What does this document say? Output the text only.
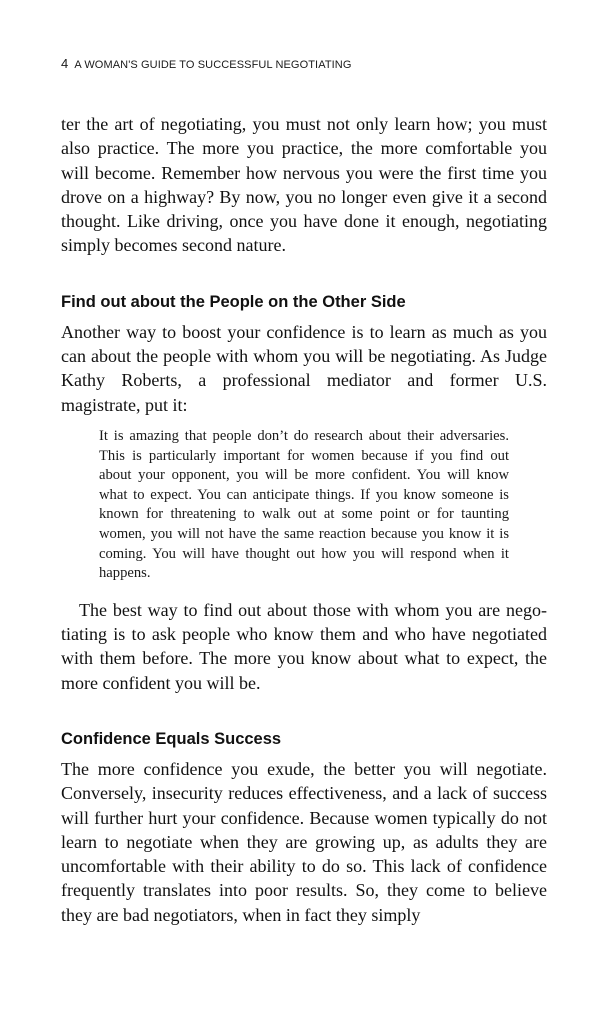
4 A WOMAN'S GUIDE TO SUCCESSFUL NEGOTIATING

ter the art of negotiating, you must not only learn how; you must also practice. The more you practice, the more comfortable you will become. Remember how nervous you were the first time you drove on a highway? By now, you no longer even give it a second thought. Like driving, once you have done it enough, negotiating simply becomes second nature.

Find out about the People on the Other Side

Another way to boost your confidence is to learn as much as you can about the people with whom you will be negotiating. As Judge Kathy Roberts, a professional mediator and former U.S. magistrate, put it:

It is amazing that people don’t do research about their adversaries. This is particularly important for women because if you find out about your opponent, you will be more confident. You will know what to expect. You can anticipate things. If you know someone is known for threatening to walk out at some point or for taunting women, you will not have the same reaction because you know it is coming. You will have thought out how you will respond when it happens.

The best way to find out about those with whom you are negotiating is to ask people who know them and who have negotiated with them before. The more you know about what to expect, the more confident you will be.

Confidence Equals Success

The more confidence you exude, the better you will negotiate. Conversely, insecurity reduces effectiveness, and a lack of success will further hurt your confidence. Because women typically do not learn to negotiate when they are growing up, as adults they are uncomfortable with their ability to do so. This lack of confidence frequently translates into poor results. So, they come to believe they are bad negotiators, when in fact they simply
